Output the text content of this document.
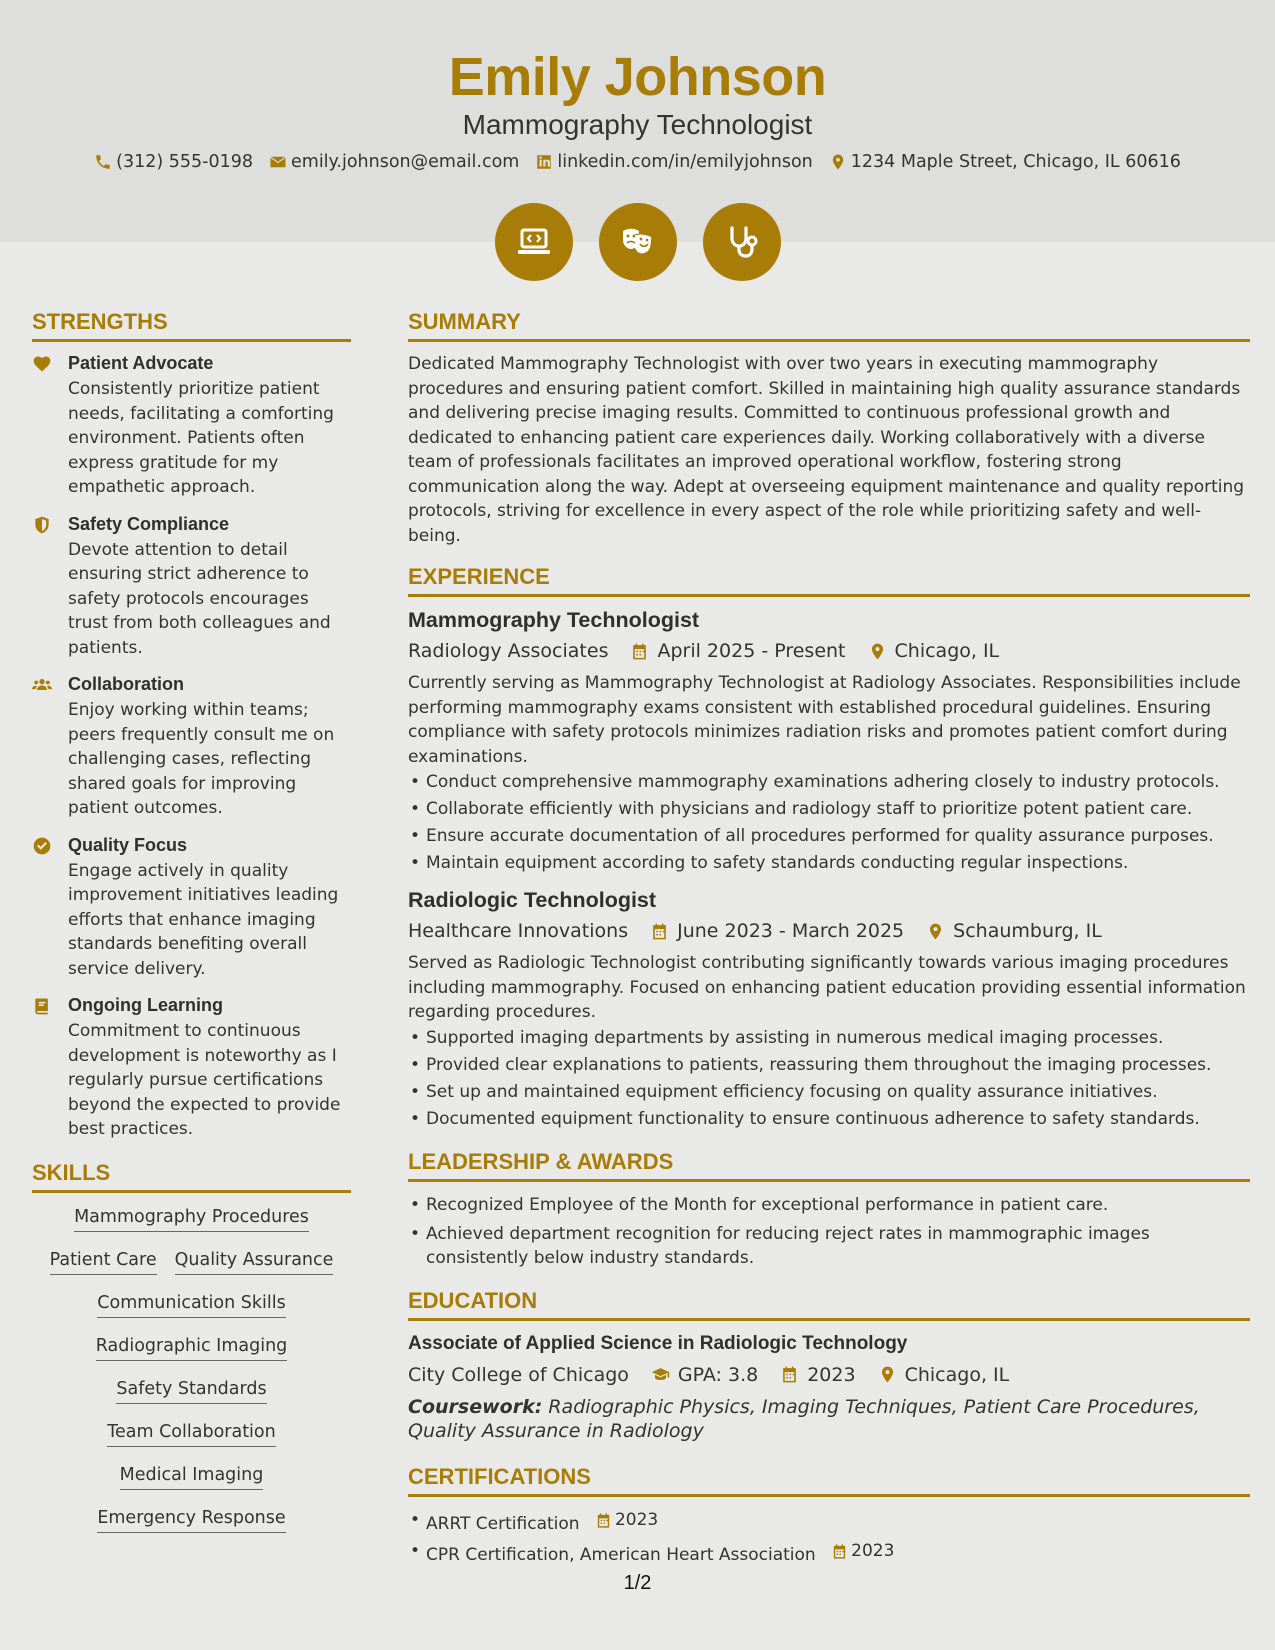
Emily Johnson
Mammography Technologist
(312) 555-0198 emily.johnson@email.com linkedin.com/in/emilyjohnson 1234 Maple Street, Chicago, IL 60616
STRENGTHS
Patient Advocate
Consistently prioritize patient needs, facilitating a comforting environment. Patients often express gratitude for my empathetic approach.
Safety Compliance
Devote attention to detail ensuring strict adherence to safety protocols encourages trust from both colleagues and patients.
Collaboration
Enjoy working within teams; peers frequently consult me on challenging cases, reflecting shared goals for improving patient outcomes.
Quality Focus
Engage actively in quality improvement initiatives leading efforts that enhance imaging standards benefiting overall service delivery.
Ongoing Learning
Commitment to continuous development is noteworthy as I regularly pursue certifications beyond the expected to provide best practices.
SKILLS
Mammography Procedures
Patient Care Quality Assurance
Communication Skills
Radiographic Imaging
Safety Standards
Team Collaboration
Medical Imaging
Emergency Response
SUMMARY
Dedicated Mammography Technologist with over two years in executing mammography procedures and ensuring patient comfort. Skilled in maintaining high quality assurance standards and delivering precise imaging results. Committed to continuous professional growth and dedicated to enhancing patient care experiences daily. Working collaboratively with a diverse team of professionals facilitates an improved operational workflow, fostering strong communication along the way. Adept at overseeing equipment maintenance and quality reporting protocols, striving for excellence in every aspect of the role while prioritizing safety and well-being.
EXPERIENCE
Mammography Technologist
Radiology Associates	April 2025 - Present	Chicago, IL
Currently serving as Mammography Technologist at Radiology Associates. Responsibilities include performing mammography exams consistent with established procedural guidelines. Ensuring compliance with safety protocols minimizes radiation risks and promotes patient comfort during examinations.
• Conduct comprehensive mammography examinations adhering closely to industry protocols.
• Collaborate efficiently with physicians and radiology staff to prioritize potent patient care.
• Ensure accurate documentation of all procedures performed for quality assurance purposes.
• Maintain equipment according to safety standards conducting regular inspections.
Radiologic Technologist
Healthcare Innovations	June 2023 - March 2025	Schaumburg, IL
Served as Radiologic Technologist contributing significantly towards various imaging procedures including mammography. Focused on enhancing patient education providing essential information regarding procedures.
• Supported imaging departments by assisting in numerous medical imaging processes.
• Provided clear explanations to patients, reassuring them throughout the imaging processes.
• Set up and maintained equipment efficiency focusing on quality assurance initiatives.
• Documented equipment functionality to ensure continuous adherence to safety standards.
LEADERSHIP & AWARDS
• Recognized Employee of the Month for exceptional performance in patient care.
• Achieved department recognition for reducing reject rates in mammographic images consistently below industry standards.
EDUCATION
Associate of Applied Science in Radiologic Technology
City College of Chicago	GPA: 3.8	2023	Chicago, IL
Coursework: Radiographic Physics, Imaging Techniques, Patient Care Procedures, Quality Assurance in Radiology
CERTIFICATIONS
• ARRT Certification 2023
• CPR Certification, American Heart Association 2023
1/2
